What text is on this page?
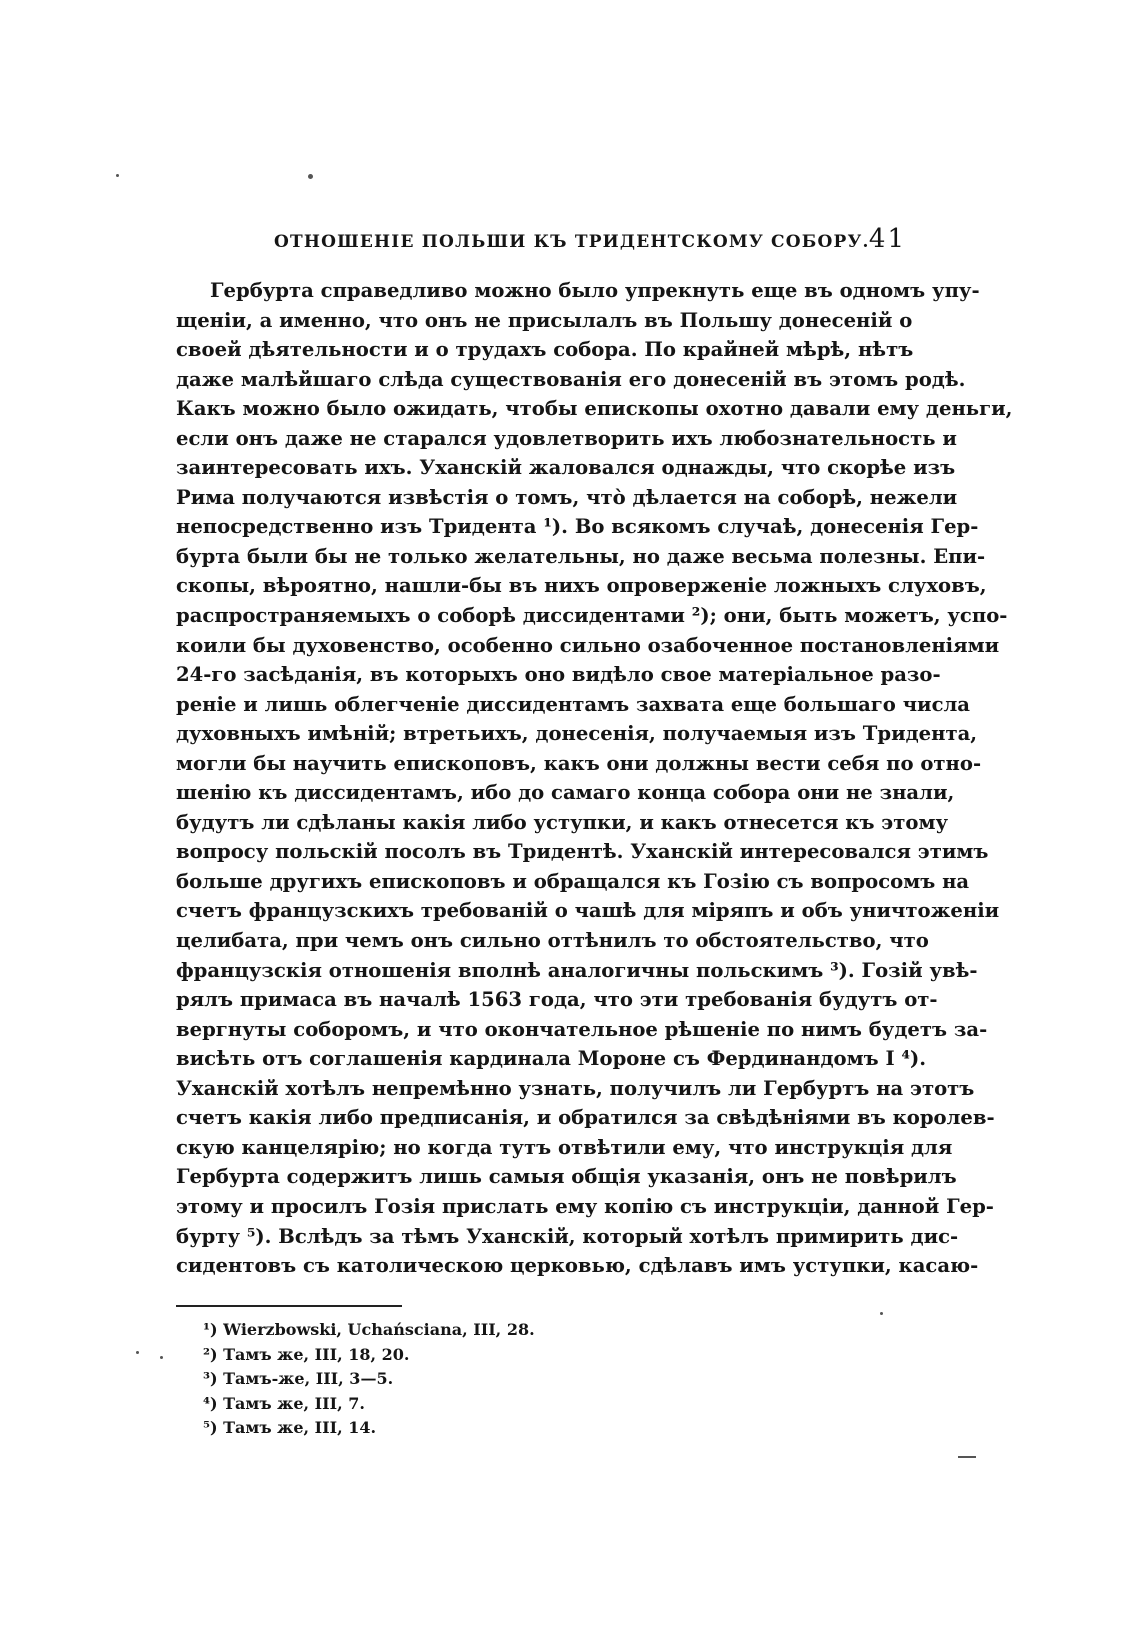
ОТНОШЕНІЕ ПОЛЬШИ КЪ ТРИДЕНТСКОМУ СОБОРУ. 41
Гербурта справедливо можно было упрекнуть еще въ одномъ упу-
щеніи, а именно, что онъ не присылалъ въ Польшу донесеній о
своей дѣятельности и о трудахъ собора. По крайней мѣрѣ, нѣтъ
даже малѣйшаго слѣда существованія его донесеній въ этомъ родѣ.
Какъ можно было ожидать, чтобы епископы охотно давали ему деньги,
если онъ даже не старался удовлетворить ихъ любознательность и
заинтересовать ихъ. Уханскій жаловался однажды, что скорѣе изъ
Рима получаются извѣстія о томъ, что̀ дѣлается на соборѣ, нежели
непосредственно изъ Тридента ¹). Во всякомъ случаѣ, донесенія Гер-
бурта были бы не только желательны, но даже весьма полезны. Епи-
скопы, вѣроятно, нашли-бы въ нихъ опроверженіе ложныхъ слуховъ,
распространяемыхъ о соборѣ диссидентами ²); они, быть можетъ, успо-
коили бы духовенство, особенно сильно озабоченное постановленіями
24-го засѣданія, въ которыхъ оно видѣло свое матеріальное разо-
реніе и лишь облегченіе диссидентамъ захвата еще большаго числа
духовныхъ имѣній; втретьихъ, донесенія, получаемыя изъ Тридента,
могли бы научить епископовъ, какъ они должны вести себя по отно-
шенію къ диссидентамъ, ибо до самаго конца собора они не знали,
будутъ ли сдѣланы какія либо уступки, и какъ отнесется къ этому
вопросу польскій посолъ въ Тридентѣ. Уханскій интересовался этимъ
больше другихъ епископовъ и обращался къ Гозію съ вопросомъ на
счетъ французскихъ требованій о чашѣ для міряпъ и объ уничтоженіи
целибата, при чемъ онъ сильно оттѣнилъ то обстоятельство, что
французскія отношенія вполнѣ аналогичны польскимъ ³). Гозій увѣ-
рялъ примаса въ началѣ 1563 года, что эти требованія будутъ от-
вергнуты соборомъ, и что окончательное рѣшеніе по нимъ будетъ за-
висѣть отъ соглашенія кардинала Мороне съ Фердинандомъ I ⁴).
Уханскій хотѣлъ непремѣнно узнать, получилъ ли Гербуртъ на этотъ
счетъ какія либо предписанія, и обратился за свѣдѣніями въ королев-
скую канцелярію; но когда тутъ отвѣтили ему, что инструкція для
Гербурта содержитъ лишь самыя общія указанія, онъ не повѣрилъ
этому и просилъ Гозія прислать ему копію съ инструкціи, данной Гер-
бурту ⁵). Вслѣдъ за тѣмъ Уханскій, который хотѣлъ примирить дис-
сидентовъ съ католическою церковью, сдѣлавъ имъ уступки, касаю-
¹) Wierzbowski, Uchańsciana, III, 28.
²) Тамъ же, III, 18, 20.
³) Тамъ-же, III, 3—5.
⁴) Тамъ же, III, 7.
⁵) Тамъ же, III, 14.
